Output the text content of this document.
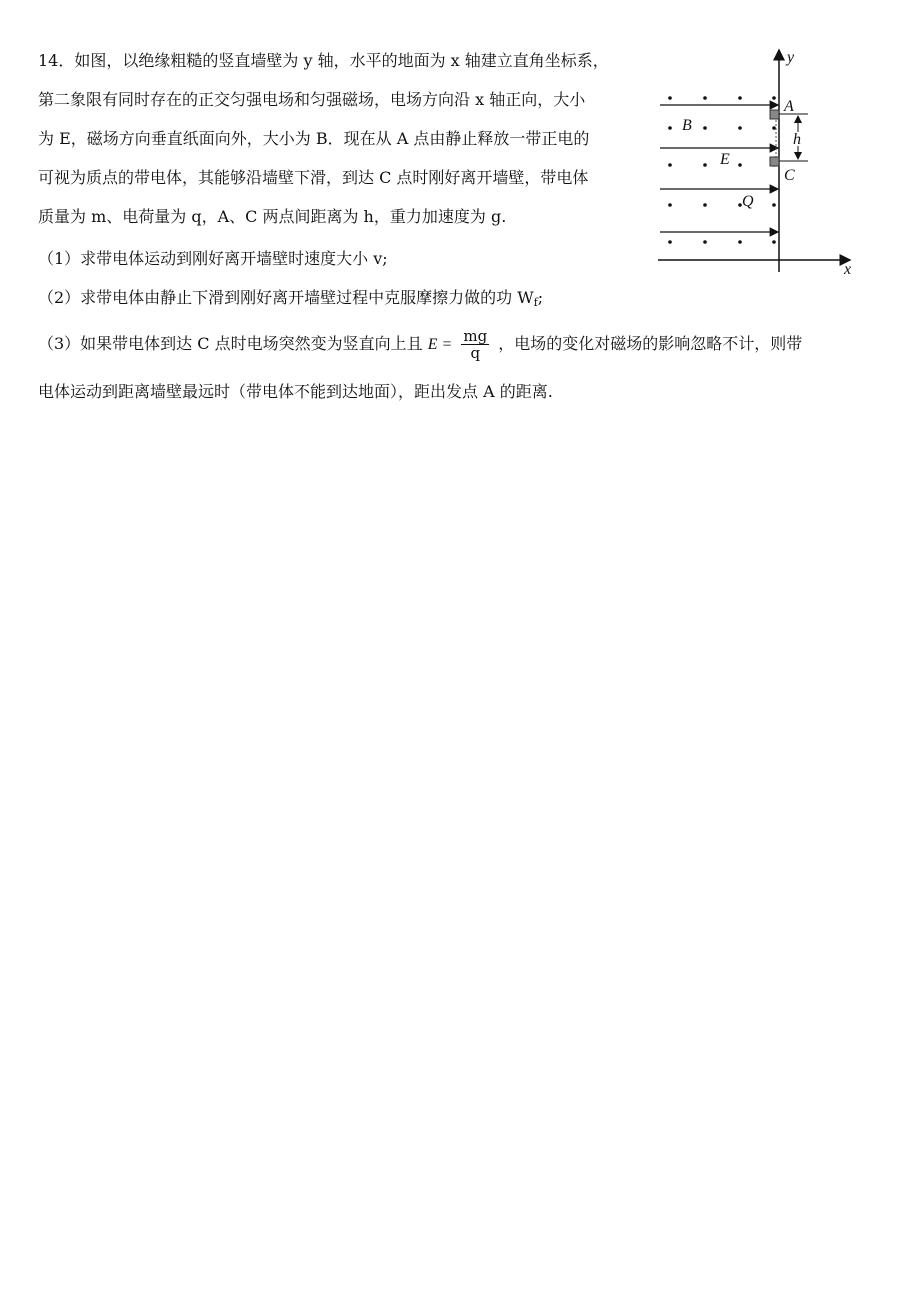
14．如图，以绝缘粗糙的竖直墙壁为 y 轴，水平的地面为 x 轴建立直角坐标系，
第二象限有同时存在的正交匀强电场和匀强磁场，电场方向沿 x 轴正向，大小
为 E，磁场方向垂直纸面向外，大小为 B．现在从 A 点由静止释放一带正电的
可视为质点的带电体，其能够沿墙壁下滑，到达 C 点时刚好离开墙壁，带电体
质量为 m、电荷量为 q，A、C 两点间距离为 h，重力加速度为 g.
（1）求带电体运动到刚好离开墙壁时速度大小 v;
（2）求带电体由静止下滑到刚好离开墙壁过程中克服摩擦力做的功 $W_f$;
（3）如果带电体到达 C 点时电场突然变为竖直向上且 $E = \frac{mg}{q}$ ，电场的变化对磁场的影响忽略不计，则带
电体运动到距离墙壁最远时（带电体不能到达地面），距出发点 A 的距离.
y
x
A
C
h
B
E
Q
